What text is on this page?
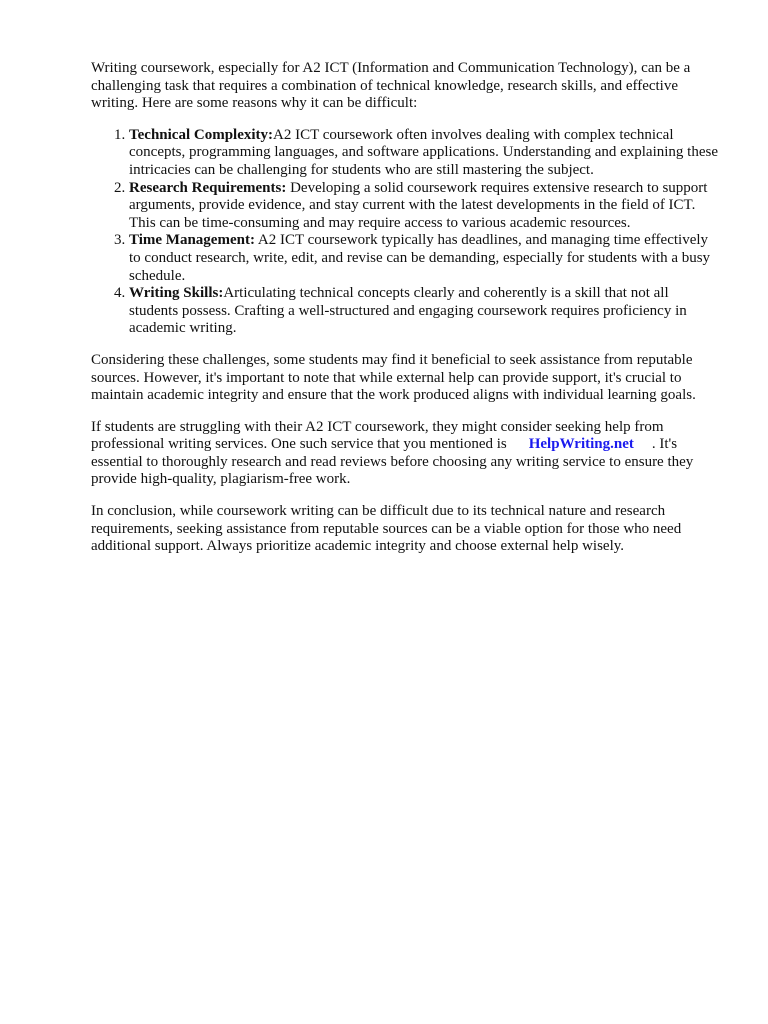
Writing coursework, especially for A2 ICT (Information and Communication Technology), can be a challenging task that requires a combination of technical knowledge, research skills, and effective writing. Here are some reasons why it can be difficult:

1. Technical Complexity:A2 ICT coursework often involves dealing with complex technical concepts, programming languages, and software applications. Understanding and explaining these intricacies can be challenging for students who are still mastering the subject.
2. Research Requirements: Developing a solid coursework requires extensive research to support arguments, provide evidence, and stay current with the latest developments in the field of ICT. This can be time-consuming and may require access to various academic resources.
3. Time Management: A2 ICT coursework typically has deadlines, and managing time effectively to conduct research, write, edit, and revise can be demanding, especially for students with a busy schedule.
4. Writing Skills:Articulating technical concepts clearly and coherently is a skill that not all students possess. Crafting a well-structured and engaging coursework requires proficiency in academic writing.

Considering these challenges, some students may find it beneficial to seek assistance from reputable sources. However, it's important to note that while external help can provide support, it's crucial to maintain academic integrity and ensure that the work produced aligns with individual learning goals.

If students are struggling with their A2 ICT coursework, they might consider seeking help from professional writing services. One such service that you mentioned is HelpWriting.net . It's essential to thoroughly research and read reviews before choosing any writing service to ensure they provide high-quality, plagiarism-free work.

In conclusion, while coursework writing can be difficult due to its technical nature and research requirements, seeking assistance from reputable sources can be a viable option for those who need additional support. Always prioritize academic integrity and choose external help wisely.
